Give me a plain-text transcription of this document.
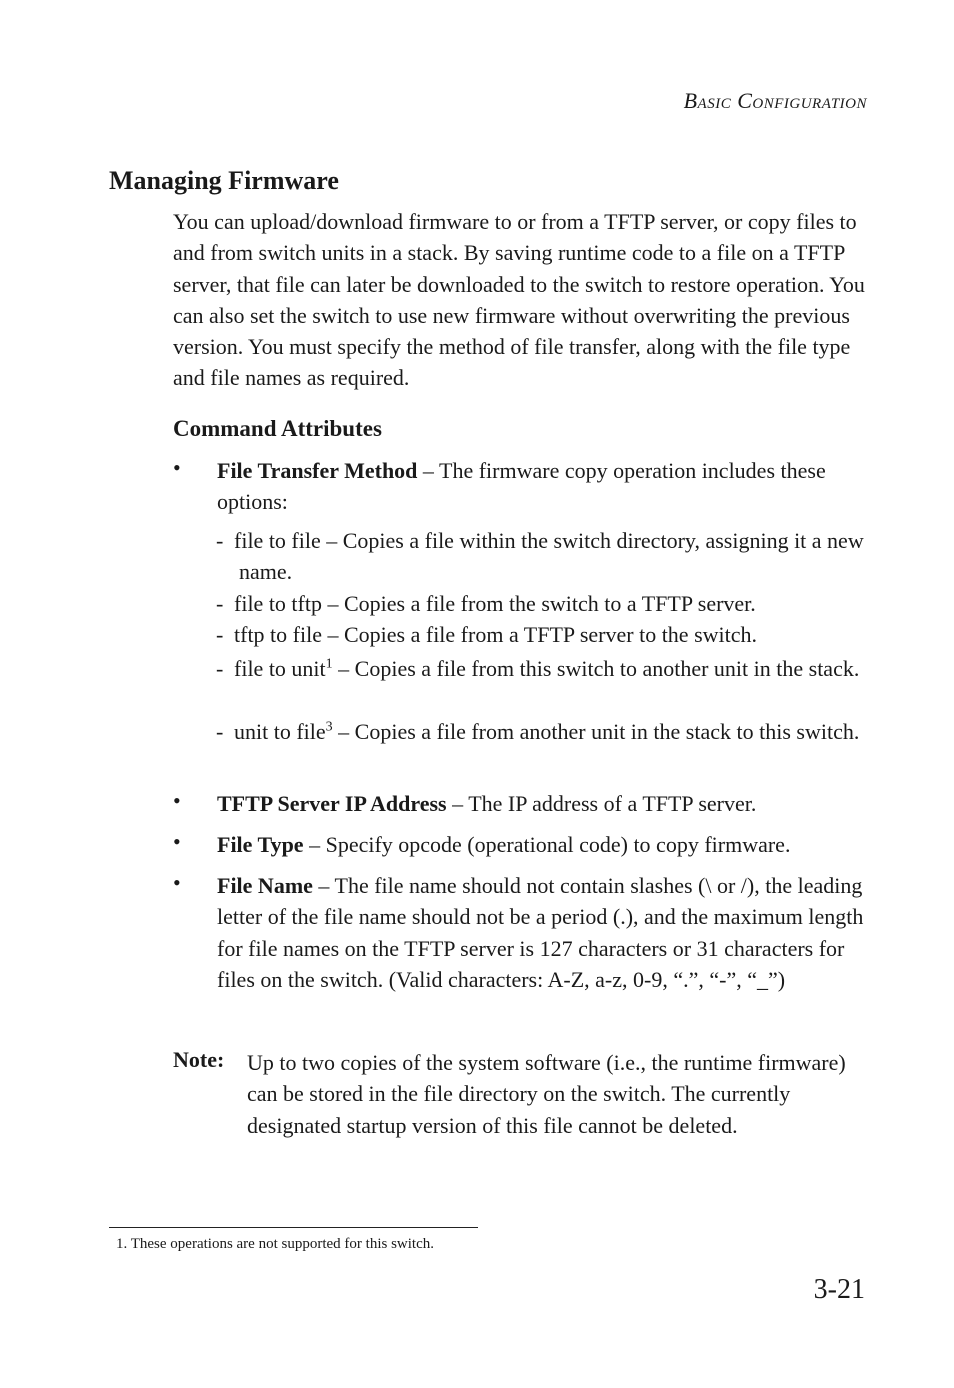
Basic Configuration
Managing Firmware

You can upload/download firmware to or from a TFTP server, or copy files to and from switch units in a stack. By saving runtime code to a file on a TFTP server, that file can later be downloaded to the switch to restore operation. You can also set the switch to use new firmware without overwriting the previous version. You must specify the method of file transfer, along with the file type and file names as required.

Command Attributes
• File Transfer Method – The firmware copy operation includes these options:

- file to file – Copies a file within the switch directory, assigning it a new name.

- file to tftp – Copies a file from the switch to a TFTP server.

- tftp to file – Copies a file from a TFTP server to the switch.

- file to unit$^1$ – Copies a file from this switch to another unit in the stack.

- unit to file$^3$ – Copies a file from another unit in the stack to this switch.

• TFTP Server IP Address – The IP address of a TFTP server.

• File Type – Specify opcode (operational code) to copy firmware.

• File Name – The file name should not contain slashes (\ or /), the leading letter of the file name should not be a period (.), and the maximum length for file names on the TFTP server is 127 characters or 31 characters for files on the switch. (Valid characters: A-Z, a-z, 0-9, “.”, “-”, “_”)

Note: Up to two copies of the system software (i.e., the runtime firmware) can be stored in the file directory on the switch. The currently designated startup version of this file cannot be deleted.

1. These operations are not supported for this switch.
3-21
